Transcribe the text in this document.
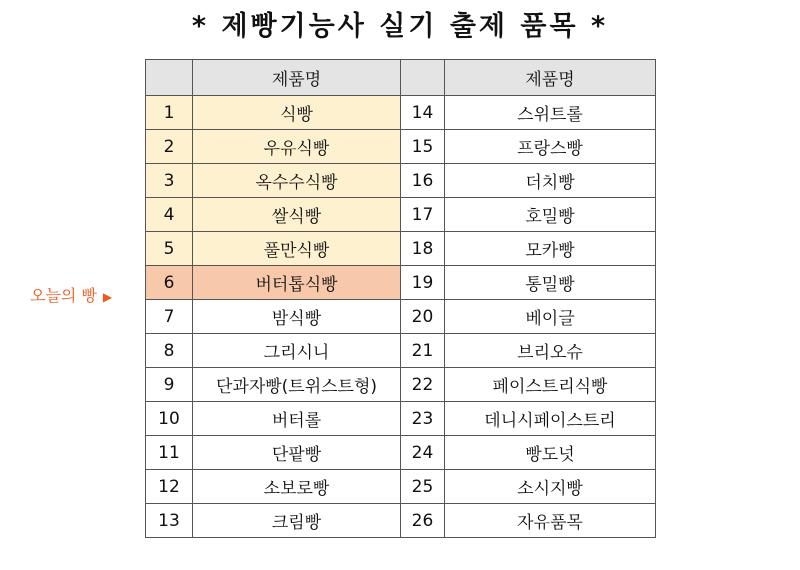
* 제빵기능사 실기 출제 품목 *
오늘의 빵 ▶
	제품명		제품명
1	식빵	14	스위트롤
2	우유식빵	15	프랑스빵
3	옥수수식빵	16	더치빵
4	쌀식빵	17	호밀빵
5	풀만식빵	18	모카빵
6	버터톱식빵	19	통밀빵
7	밤식빵	20	베이글
8	그리시니	21	브리오슈
9	단과자빵(트위스트형)	22	페이스트리식빵
10	버터롤	23	데니시페이스트리
11	단팥빵	24	빵도넛
12	소보로빵	25	소시지빵
13	크림빵	26	자유품목
